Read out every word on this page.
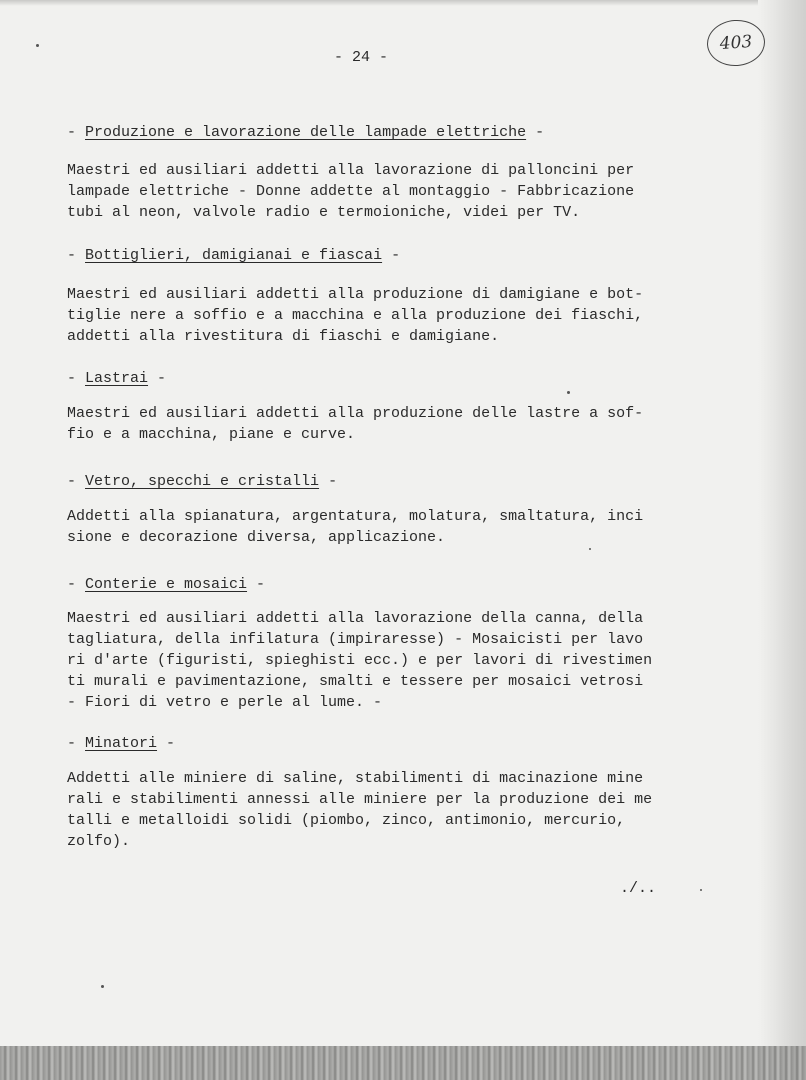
- 24 -
403
- Produzione e lavorazione delle lampade elettriche -
Maestri ed ausiliari addetti alla lavorazione di palloncini per
lampade elettriche - Donne addette al montaggio - Fabbricazione
tubi al neon, valvole radio e termoioniche, videi per TV.
- Bottiglieri, damigianai e fiascai -
Maestri ed ausiliari addetti alla produzione di damigiane e bot-
tiglie nere a soffio e a macchina e alla produzione dei fiaschi,
addetti alla rivestitura di fiaschi e damigiane.
- Lastrai -
Maestri ed ausiliari addetti alla produzione delle lastre a sof-
fio e a macchina, piane e curve.
- Vetro, specchi e cristalli -
Addetti alla spianatura, argentatura, molatura, smaltatura, inci
sione e decorazione diversa, applicazione.
- Conterie e mosaici -
Maestri ed ausiliari addetti alla lavorazione della canna, della
tagliatura, della infilatura (impiraresse) - Mosaicisti per lavo
ri d'arte (figuristi, spieghisti ecc.) e per lavori di rivestimen
ti murali e pavimentazione, smalti e tessere per mosaici vetrosi
- Fiori di vetro e perle al lume. -
- Minatori -
Addetti alle miniere di saline, stabilimenti di macinazione mine
rali e stabilimenti annessi alle miniere per la produzione dei me
talli e metalloidi solidi (piombo, zinco, antimonio, mercurio,
zolfo).
./..
